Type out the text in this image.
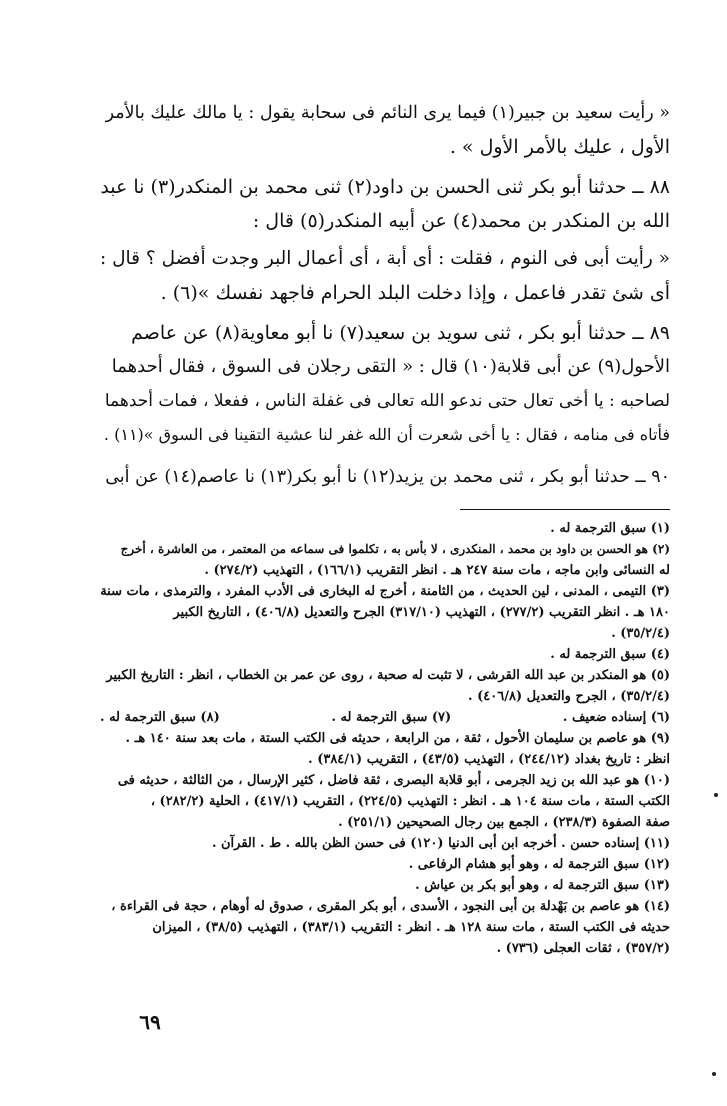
« رأيت سعيد بن جبير(١) فيما يرى النائم فى سحابة يقول : يا مالك عليك بالأمر
الأول ، عليك بالأمر الأول » .
٨٨ ــ حدثنا أبو بكر ثنى الحسن بن داود(٢) ثنى محمد بن المنكدر(٣) نا عبد
الله بن المنكدر بن محمد(٤) عن أبيه المنكدر(٥) قال :
« رأيت أبى فى النوم ، فقلت : أى أبة ، أى أعمال البر وجدت أفضل ؟ قال :
أى شئ تقدر فاعمل ، وإذا دخلت البلد الحرام فاجهد نفسك »(٦) .
٨٩ ــ حدثنا أبو بكر ، ثنى سويد بن سعيد(٧) نا أبو معاوية(٨) عن عاصم
الأحول(٩) عن أبى قلابة(١٠) قال : « التقى رجلان فى السوق ، فقال أحدهما
لصاحبه : يا أخى تعال حتى ندعو الله تعالى فى غفلة الناس ، ففعلا ، فمات أحدهما
فأتاه فى منامه ، فقال : يا أخى شعرت أن الله غفر لنا عشية التقينا فى السوق »(١١) .
٩٠ ــ حدثنا أبو بكر ، ثنى محمد بن يزيد(١٢) نا أبو بكر(١٣) نا عاصم(١٤) عن أبى
(١) سبق الترجمة له .
(٢) هو الحسن بن داود بن محمد ، المنكدرى ، لا بأس به ، تكلموا فى سماعه من المعتمر ، من العاشرة ، أخرج
له النسائى وابن ماجه ، مات سنة ٢٤٧ هـ . انظر التقريب (١٦٦/١) ، التهذيب (٢٧٤/٢) .
(٣) التيمى ، المدنى ، لين الحديث ، من الثامنة ، أخرج له البخارى فى الأدب المفرد ، والترمذى ، مات سنة
١٨٠ هـ . انظر التقريب (٢٧٧/٢) ، التهذيب (٣١٧/١٠) الجرح والتعديل (٤٠٦/٨) ، التاريخ الكبير
(٣٥/٢/٤) .
(٤) سبق الترجمة له .
(٥) هو المنكدر بن عبد الله القرشى ، لا تثبت له صحبة ، روى عن عمر بن الخطاب ، انظر : التاريخ الكبير
(٣٥/٢/٤) ، الجرح والتعديل (٤٠٦/٨) .
(٦) إسناده ضعيف .
(٧) سبق الترجمة له .
(٨) سبق الترجمة له .
(٩) هو عاصم بن سليمان الأحول ، ثقة ، من الرابعة ، حديثه فى الكتب الستة ، مات بعد سنة ١٤٠ هـ .
انظر : تاريخ بغداد (٢٤٤/١٢) ، التهذيب (٤٣/٥) ، التقريب (٣٨٤/١) .
(١٠) هو عبد الله بن زيد الجرمى ، أبو قلابة البصرى ، ثقة فاضل ، كثير الإرسال ، من الثالثة ، حديثه فى
الكتب الستة ، مات سنة ١٠٤ هـ . انظر : التهذيب (٢٢٤/٥) ، التقريب (٤١٧/١) ، الحلية (٢٨٢/٢) ،
صفة الصفوة (٢٣٨/٣) ، الجمع بين رجال الصحيحين (٢٥١/١) .
(١١) إسناده حسن . أخرجه ابن أبى الدنيا (١٢٠) فى حسن الظن بالله . ط . القرآن .
(١٢) سبق الترجمة له ، وهو أبو هشام الرفاعى .
(١٣) سبق الترجمة له ، وهو أبو بكر بن عياش .
(١٤) هو عاصم بن بَهْدلة بن أبى النجود ، الأسدى ، أبو بكر المقرى ، صدوق له أوهام ، حجة فى القراءة ،
حديثه فى الكتب الستة ، مات سنة ١٢٨ هـ . انظر : التقريب (٣٨٣/١) ، التهذيب (٣٨/٥) ، الميزان
(٣٥٧/٢) ، ثقات العجلى (٧٣٦) .
٦٩
